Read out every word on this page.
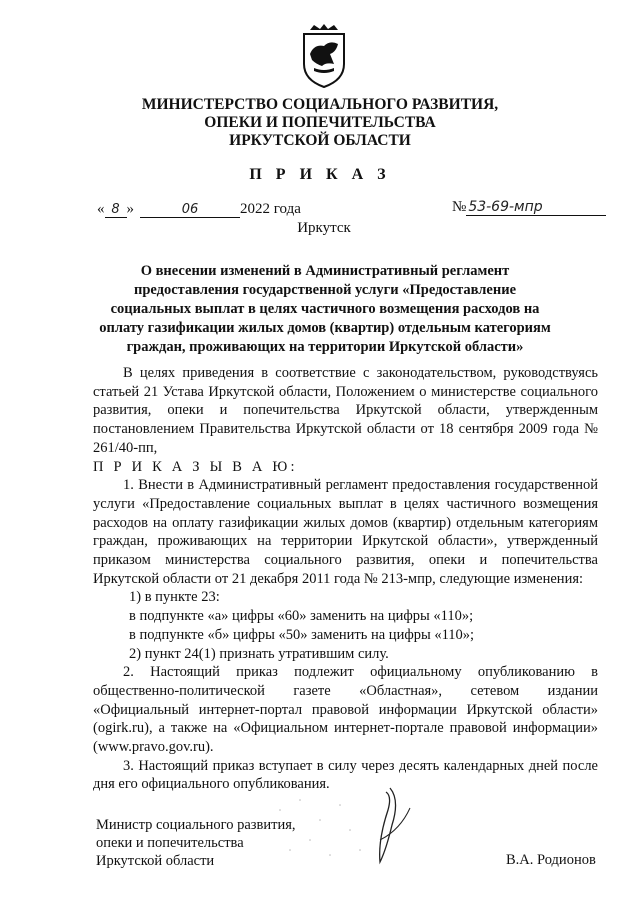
МИНИСТЕРСТВО СОЦИАЛЬНОГО РАЗВИТИЯ,
ОПЕКИ И ПОПЕЧИТЕЛЬСТВА
ИРКУТСКОЙ ОБЛАСТИ
П Р И К А З
« 8 »	06	2022 года	№ 53-69-мпр
Иркутск
О внесении изменений в Административный регламент
предоставления государственной услуги «Предоставление
социальных выплат в целях частичного возмещения расходов на
оплату газификации жилых домов (квартир) отдельным категориям
граждан, проживающих на территории Иркутской области»

В целях приведения в соответствие с законодательством, руководствуясь статьей 21 Устава Иркутской области, Положением о министерстве социального развития, опеки и попечительства Иркутской области, утвержденным постановлением Правительства Иркутской области от 18 сентября 2009 года № 261/40-пп,

П Р И К А З Ы В А Ю:

1. Внести в Административный регламент предоставления государственной услуги «Предоставление социальных выплат в целях частичного возмещения расходов на оплату газификации жилых домов (квартир) отдельным категориям граждан, проживающих на территории Иркутской области», утвержденный приказом министерства социального развития, опеки и попечительства Иркутской области от 21 декабря 2011 года № 213-мпр, следующие изменения:

1) в пункте 23:

в подпункте «а» цифры «60» заменить на цифры «110»;

в подпункте «б» цифры «50» заменить на цифры «110»;

2) пункт 24(1) признать утратившим силу.

2. Настоящий приказ подлежит официальному опубликованию в общественно-политической газете «Областная», сетевом издании «Официальный интернет-портал правовой информации Иркутской области» (ogirk.ru), а также на «Официальном интернет-портале правовой информации» (www.pravo.gov.ru).

3. Настоящий приказ вступает в силу через десять календарных дней после дня его официального опубликования.

Министр социального развития,
опеки и попечительства
Иркутской области	В.А. Родионов
